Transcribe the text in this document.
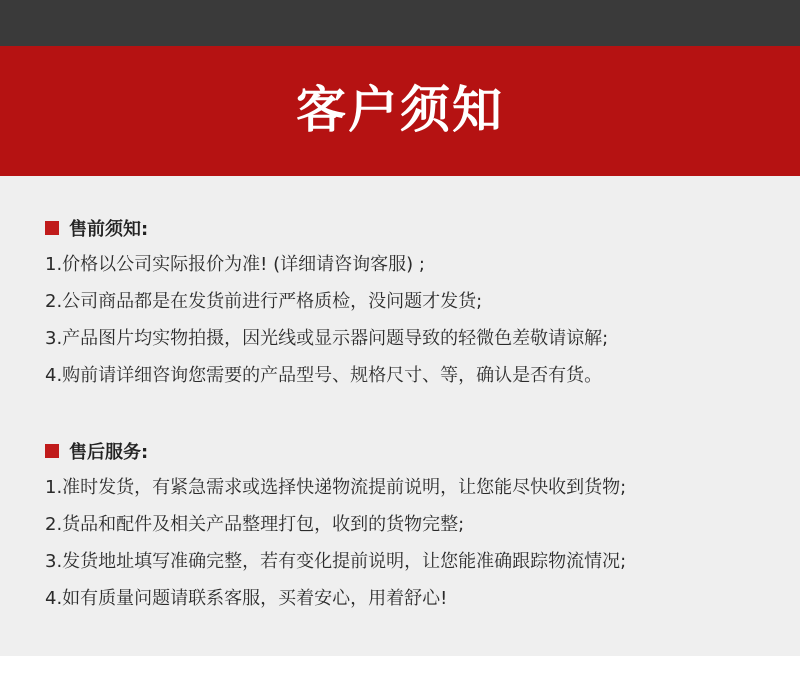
客户须知
售前须知:
1.价格以公司实际报价为准! (详细请咨询客服) ;
2.公司商品都是在发货前进行严格质检，没问题才发货;
3.产品图片均实物拍摄，因光线或显示器问题导致的轻微色差敬请谅解;
4.购前请详细咨询您需要的产品型号、规格尺寸、等，确认是否有货。
售后服务:
1.准时发货，有紧急需求或选择快递物流提前说明，让您能尽快收到货物;
2.货品和配件及相关产品整理打包，收到的货物完整;
3.发货地址填写准确完整，若有变化提前说明，让您能准确跟踪物流情况;
4.如有质量问题请联系客服，买着安心，用着舒心!
